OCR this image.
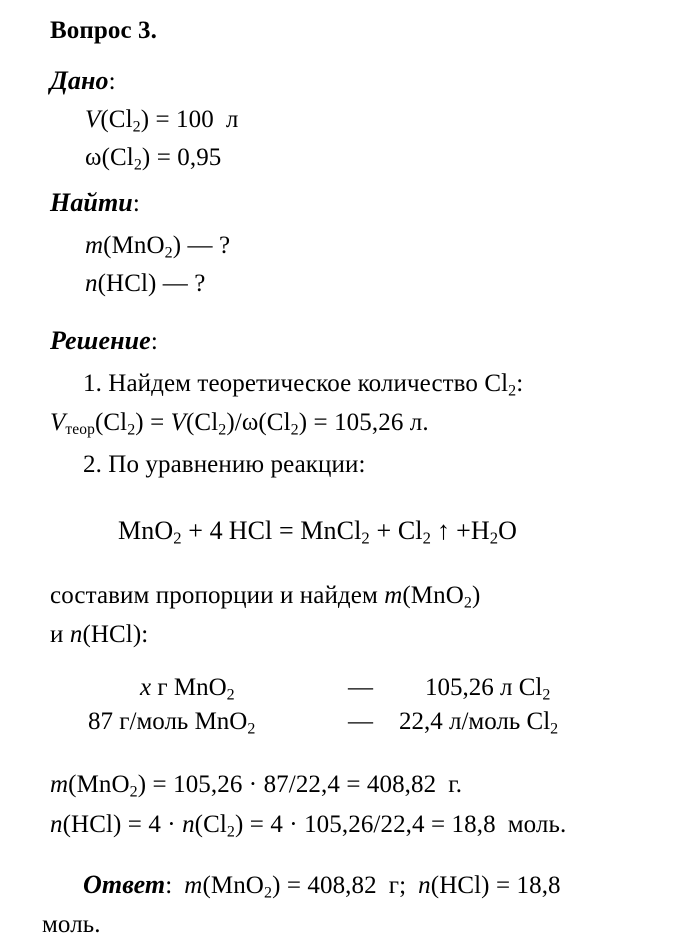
Вопрос 3.
Дано:
$V(Cl_2) = 100$ л
$\omega(Cl_2) = 0,95$
Найти:
m(MnO$_2$) — ?
n(HCl) — ?
Решение:
1. Найдем теоретическое количество $Cl_2$:
$Vтеор(Cl_2) = V(Cl_2)/\omega(Cl_2) = 105,26$ л.
2. По уравнению реакции:
MnO$_2$ + 4 HCl = MnCl$_2$ + $Cl_2$ ↑ $+H_2O$
составим пропорции и найдем m(MnO$_2$)
и n(HCl):
x г MnO$_2$	— 105,26 л $Cl_2$
87 г/моль MnO$_2$	— 22,4 л/моль $Cl_2$
m(MnO$_2$) = 105,26 · 87/22,4 = 408,82 г.
$n(HCl) = 4 \cdot n(Cl_2) = 4 \cdot 105,26/22,4 = 18,8$ моль.
Ответ: m(MnO$_2$) = 408,82 г; n(HCl) = 18,8
моль.
